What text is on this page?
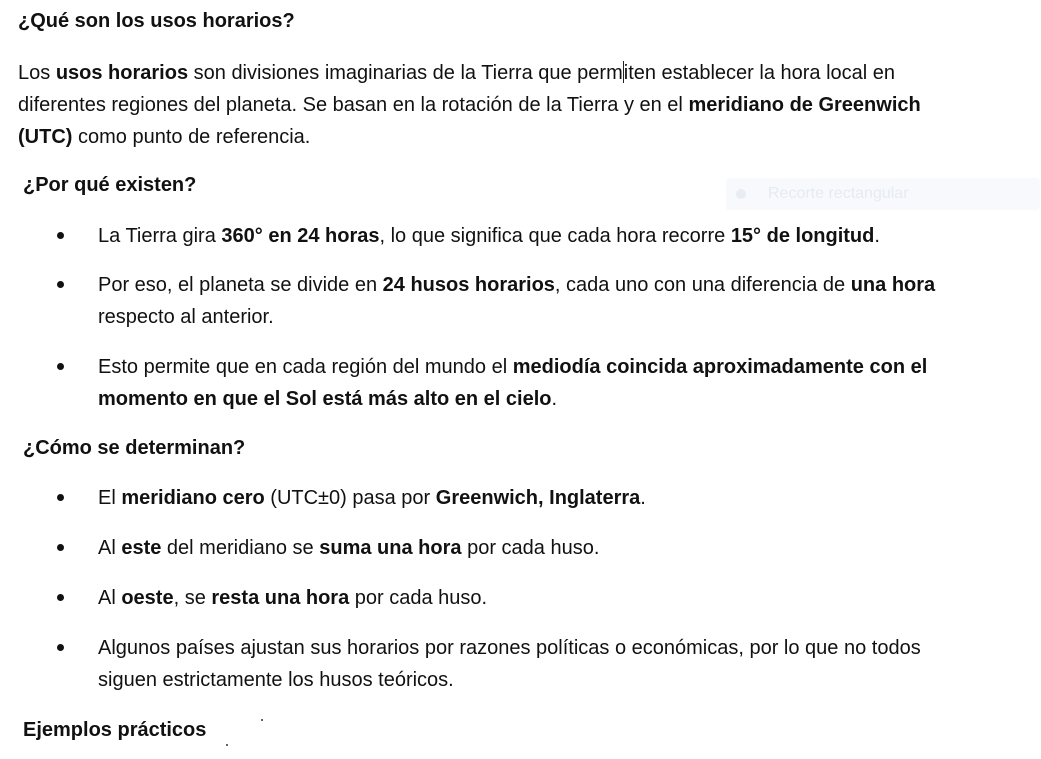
¿Qué son los usos horarios?
Los usos horarios son divisiones imaginarias de la Tierra que permiten establecer la hora local en diferentes regiones del planeta. Se basan en la rotación de la Tierra y en el meridiano de Greenwich (UTC) como punto de referencia.
¿Por qué existen?	Recorte rectangular
La Tierra gira 360° en 24 horas, lo que significa que cada hora recorre 15° de longitud.
Por eso, el planeta se divide en 24 husos horarios, cada uno con una diferencia de una hora respecto al anterior.
Esto permite que en cada región del mundo el mediodía coincida aproximadamente con el momento en que el Sol está más alto en el cielo.
¿Cómo se determinan?
El meridiano cero (UTC±0) pasa por Greenwich, Inglaterra.
Al este del meridiano se suma una hora por cada huso.
Al oeste, se resta una hora por cada huso.
Algunos países ajustan sus horarios por razones políticas o económicas, por lo que no todos siguen estrictamente los husos teóricos.
Ejemplos prácticos
